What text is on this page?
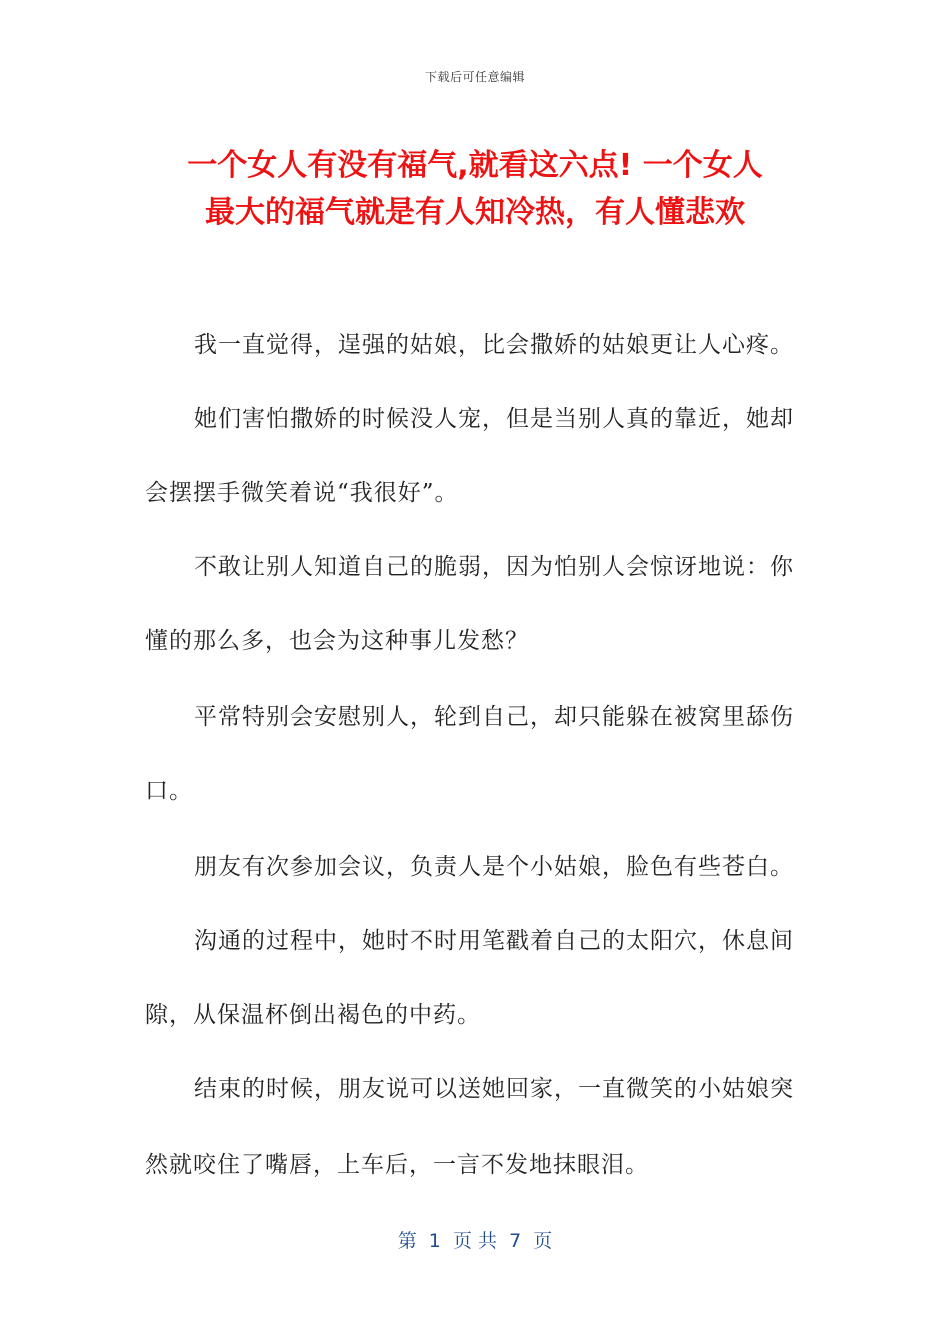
下载后可任意编辑
一个女人有没有福气,就看这六点! 一个女人
最大的福气就是有人知冷热，有人懂悲欢
我一直觉得，逞强的姑娘，比会撒娇的姑娘更让人心疼。
她们害怕撒娇的时候没人宠，但是当别人真的靠近，她却
会摆摆手微笑着说“我很好”。
不敢让别人知道自己的脆弱，因为怕别人会惊讶地说：你
懂的那么多，也会为这种事儿发愁？
平常特别会安慰别人，轮到自己，却只能躲在被窝里舔伤
口。
朋友有次参加会议，负责人是个小姑娘，脸色有些苍白。
沟通的过程中，她时不时用笔戳着自己的太阳穴，休息间
隙，从保温杯倒出褐色的中药。
结束的时候，朋友说可以送她回家，一直微笑的小姑娘突
然就咬住了嘴唇，上车后，一言不发地抹眼泪。
第  1  页 共  7  页
